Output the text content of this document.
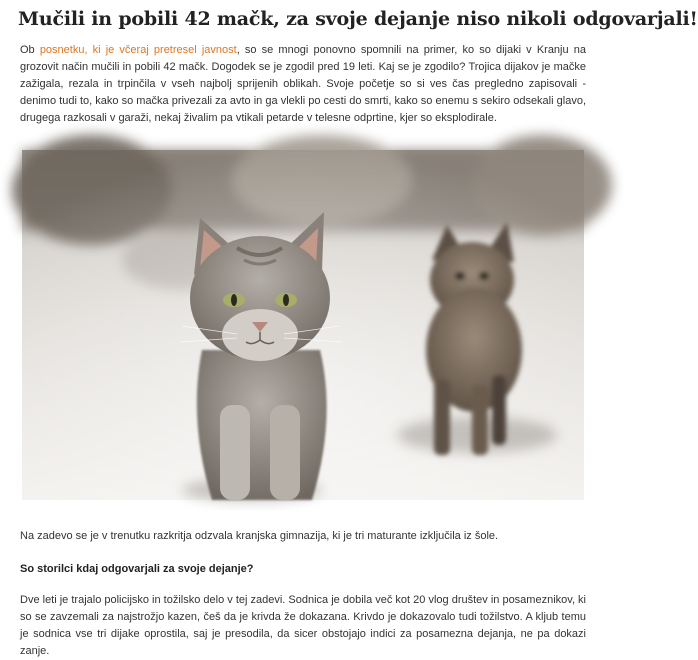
Mučili in pobili 42 mačk, za svoje dejanje niso nikoli odgovarjali!

Ob posnetku, ki je včeraj pretresel javnost, so se mnogi ponovno spomnili na primer, ko so dijaki v Kranju na grozovit način mučili in pobili 42 mačk. Dogodek se je zgodil pred 19 leti. Kaj se je zgodilo? Trojica dijakov je mačke zažigala, rezala in trpinčila v vseh najbolj sprijenih oblikah. Svoje početje so si ves čas pregledno zapisovali - denimo tudi to, kako so mačka privezali za avto in ga vlekli po cesti do smrti, kako so enemu s sekiro odsekali glavo, drugega razkosali v garaži, nekaj živalim pa vtikali petarde v telesne odprtine, kjer so eksplodirale.

Na zadevo se je v trenutku razkritja odzvala kranjska gimnazija, ki je tri maturante izključila iz šole.

So storilci kdaj odgovarjali za svoje dejanje?

Dve leti je trajalo policijsko in tožilsko delo v tej zadevi. Sodnica je dobila več kot 20 vlog društev in posameznikov, ki so se zavzemali za najstrožjo kazen, češ da je krivda že dokazana. Krivdo je dokazovalo tudi tožilstvo. A kljub temu je sodnica vse tri dijake oprostila, saj je presodila, da sicer obstojajo indici za posamezna dejanja, ne pa dokazi zanje.
